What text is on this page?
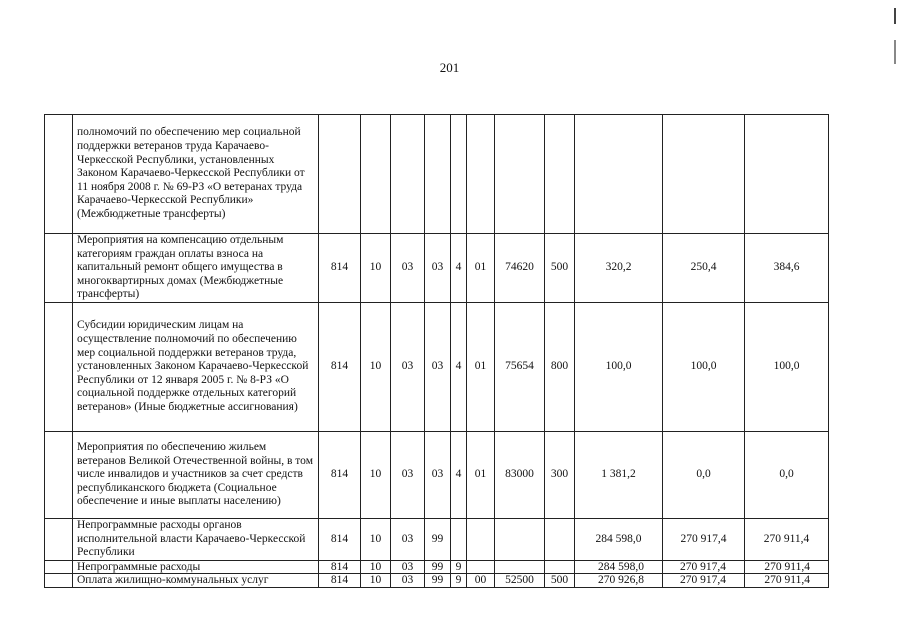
201
	полномочий по обеспечению мер социальной поддержки ветеранов труда Карачаево-Черкесской Республики, установленных Законом Карачаево-Черкесской Республики от 11 ноября 2008 г. № 69-РЗ «О ветеранах труда Карачаево-Черкесской Республики» (Межбюджетные трансферты)											
	Мероприятия на компенсацию отдельным категориям граждан оплаты взноса на капитальный ремонт общего имущества в многоквартирных домах (Межбюджетные трансферты)	814	10	03	03	4	01	74620	500	320,2	250,4	384,6
	Субсидии юридическим лицам на осуществление полномочий по обеспечению мер социальной поддержки ветеранов труда, установленных Законом Карачаево-Черкесской Республики от 12 января 2005 г. № 8-РЗ «О социальной поддержке отдельных категорий ветеранов» (Иные бюджетные ассигнования)	814	10	03	03	4	01	75654	800	100,0	100,0	100,0
	Мероприятия по обеспечению жильем ветеранов Великой Отечественной войны, в том числе инвалидов и участников за счет средств республиканского бюджета (Социальное обеспечение и иные выплаты населению)	814	10	03	03	4	01	83000	300	1 381,2	0,0	0,0
	Непрограммные расходы органов исполнительной власти Карачаево-Черкесской Республики	814	10	03	99					284 598,0	270 917,4	270 911,4
	Непрограммные расходы	814	10	03	99	9				284 598,0	270 917,4	270 911,4
	Оплата жилищно-коммунальных услуг	814	10	03	99	9	00	52500	500	270 926,8	270 917,4	270 911,4
